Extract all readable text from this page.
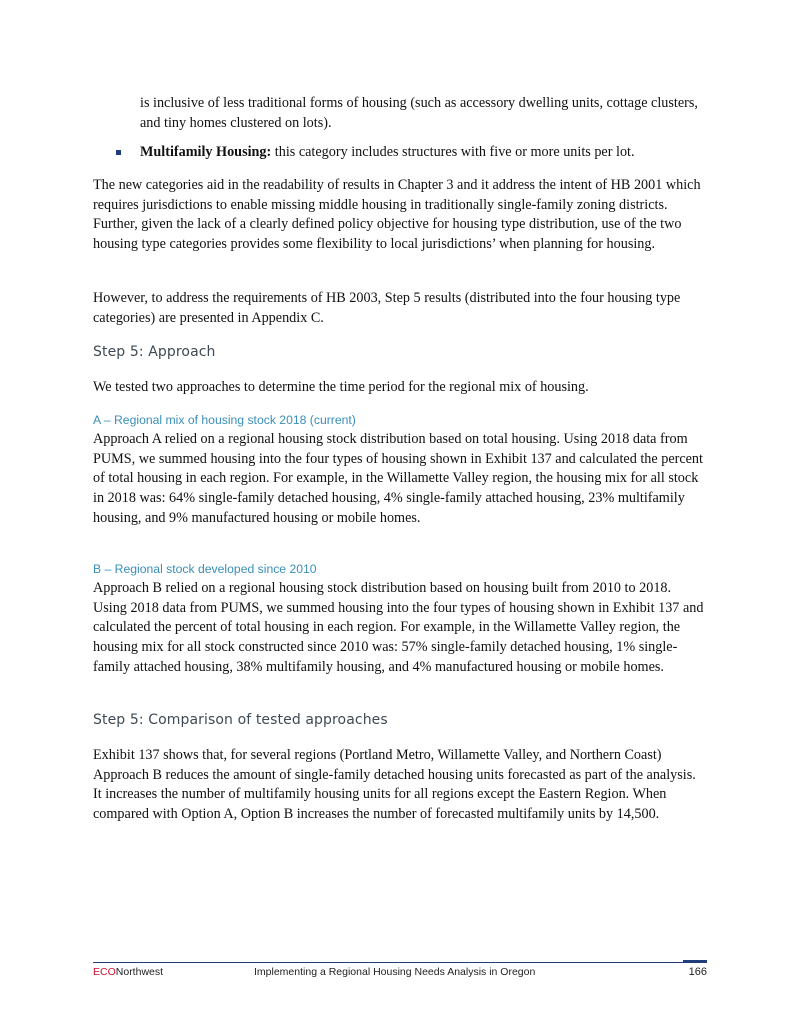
is inclusive of less traditional forms of housing (such as accessory dwelling units, cottage clusters, and tiny homes clustered on lots).
Multifamily Housing: this category includes structures with five or more units per lot.
The new categories aid in the readability of results in Chapter 3 and it address the intent of HB 2001 which requires jurisdictions to enable missing middle housing in traditionally single-family zoning districts. Further, given the lack of a clearly defined policy objective for housing type distribution, use of the two housing type categories provides some flexibility to local jurisdictions’ when planning for housing.
However, to address the requirements of HB 2003, Step 5 results (distributed into the four housing type categories) are presented in Appendix C.
Step 5: Approach
We tested two approaches to determine the time period for the regional mix of housing.
A – Regional mix of housing stock 2018 (current)
Approach A relied on a regional housing stock distribution based on total housing. Using 2018 data from PUMS, we summed housing into the four types of housing shown in Exhibit 137 and calculated the percent of total housing in each region. For example, in the Willamette Valley region, the housing mix for all stock in 2018 was: 64% single-family detached housing, 4% single-family attached housing, 23% multifamily housing, and 9% manufactured housing or mobile homes.
B – Regional stock developed since 2010
Approach B relied on a regional housing stock distribution based on housing built from 2010 to 2018. Using 2018 data from PUMS, we summed housing into the four types of housing shown in Exhibit 137 and calculated the percent of total housing in each region. For example, in the Willamette Valley region, the housing mix for all stock constructed since 2010 was: 57% single-family detached housing, 1% single-family attached housing, 38% multifamily housing, and 4% manufactured housing or mobile homes.
Step 5: Comparison of tested approaches
Exhibit 137 shows that, for several regions (Portland Metro, Willamette Valley, and Northern Coast) Approach B reduces the amount of single-family detached housing units forecasted as part of the analysis. It increases the number of multifamily housing units for all regions except the Eastern Region. When compared with Option A, Option B increases the number of forecasted multifamily units by 14,500.
ECONorthwest	Implementing a Regional Housing Needs Analysis in Oregon	166
